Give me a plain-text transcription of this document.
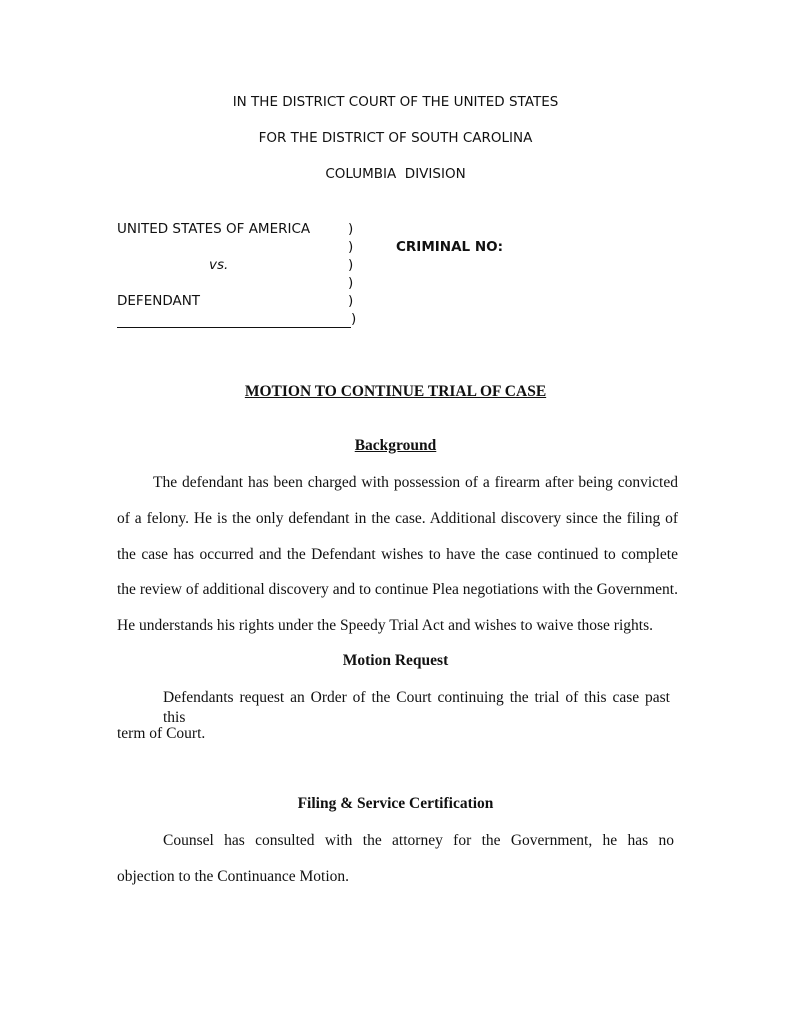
IN THE DISTRICT COURT OF THE UNITED STATES
FOR THE DISTRICT OF SOUTH CAROLINA
COLUMBIA  DIVISION
UNITED STATES OF AMERICA
vs.
DEFENDANT
)
)
)
)
)
)
CRIMINAL NO:
MOTION TO CONTINUE TRIAL OF CASE
Background
The defendant has been charged with possession of a firearm after being convicted
of a felony. He is the only defendant in the case. Additional discovery since the filing of
the case has occurred and the Defendant wishes to have the case continued to complete
the review of additional discovery and to continue Plea negotiations with the Government.
He understands his rights under the Speedy Trial Act and wishes to waive those rights.
Motion Request
Defendants request an Order of the Court continuing the trial of this case past this
term of Court.
Filing & Service Certification
Counsel has consulted with the attorney for the Government, he has no
objection to the Continuance Motion.
